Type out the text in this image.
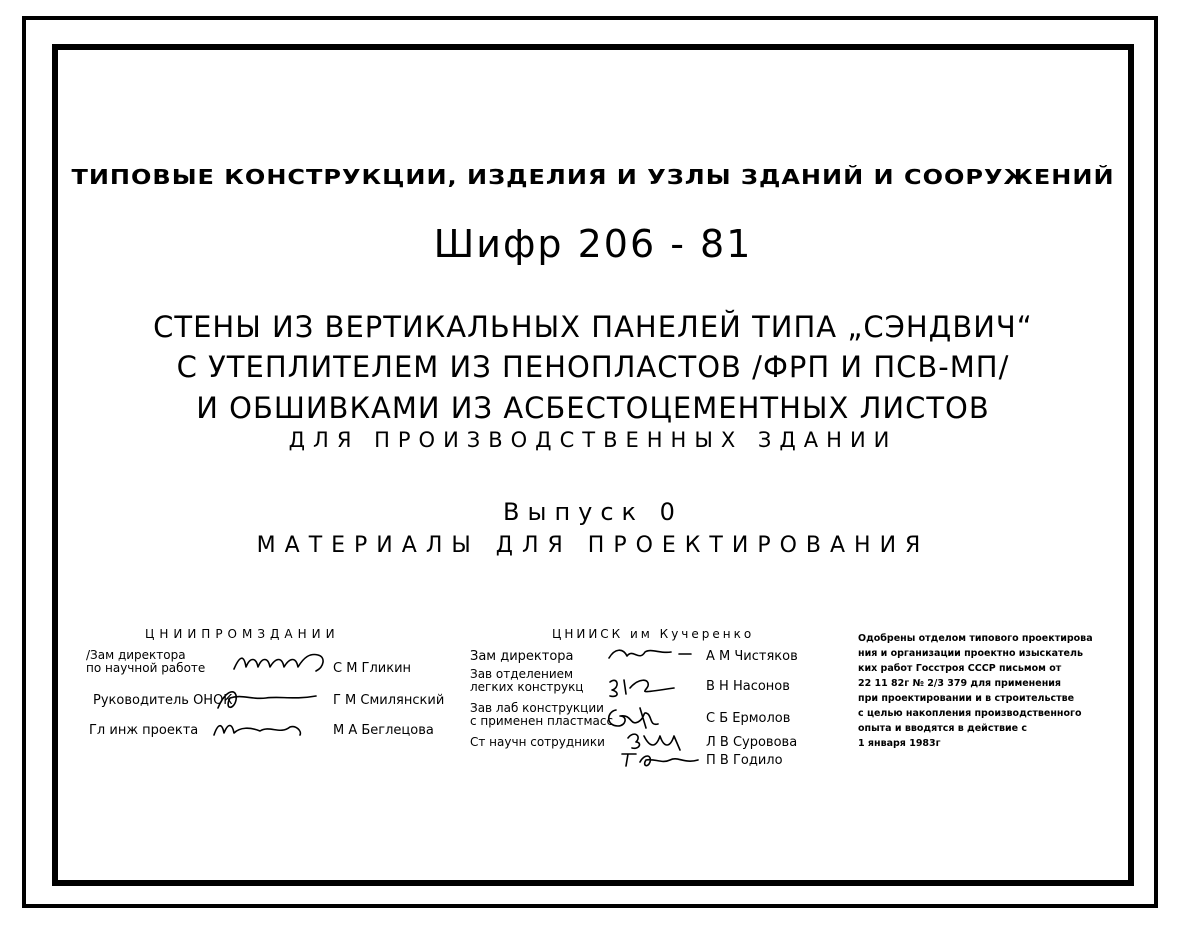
ТИПОВЫЕ КОНСТРУКЦИИ, ИЗДЕЛИЯ И УЗЛЫ ЗДАНИЙ И СООРУЖЕНИЙ
Шифр 206 - 81
СТЕНЫ ИЗ ВЕРТИКАЛЬНЫХ ПАНЕЛЕЙ ТИПА „СЭНДВИЧ“
С УТЕПЛИТЕЛЕМ ИЗ ПЕНОПЛАСТОВ /ФРП И ПСВ-МП/
И ОБШИВКАМИ ИЗ АСБЕСТОЦЕМЕНТНЫХ ЛИСТОВ
ДЛЯ ПРОИЗВОДСТВЕННЫХ ЗДАНИИ
Выпуск 0
МАТЕРИАЛЫ ДЛЯ ПРОЕКТИРОВАНИЯ
ЦНИИПРОМЗДАНИИ
/Зам директора
по научной работе	С М Гликин
Руководитель ОНОК	Г М Смилянский
Гл инж проекта	М А Беглецова
ЦНИИСК им Кучеренко
Зам директора	А М Чистяков
Зав отделением
легких конструкц	В Н Насонов
Зав лаб конструкции
с применен пластмасс	С Б Ермолов
Ст научн сотрудники	Л В Суровова
П В Годило
Одобрены отделом типового проектирова
ния и организации проектно изыскатель
ких работ Госстроя СССР письмом от
22 11 82г № 2/3 379 для применения
при проектировании и в строительстве
с целью накопления производственного
опыта и вводятся в действие с
1 января 1983г
